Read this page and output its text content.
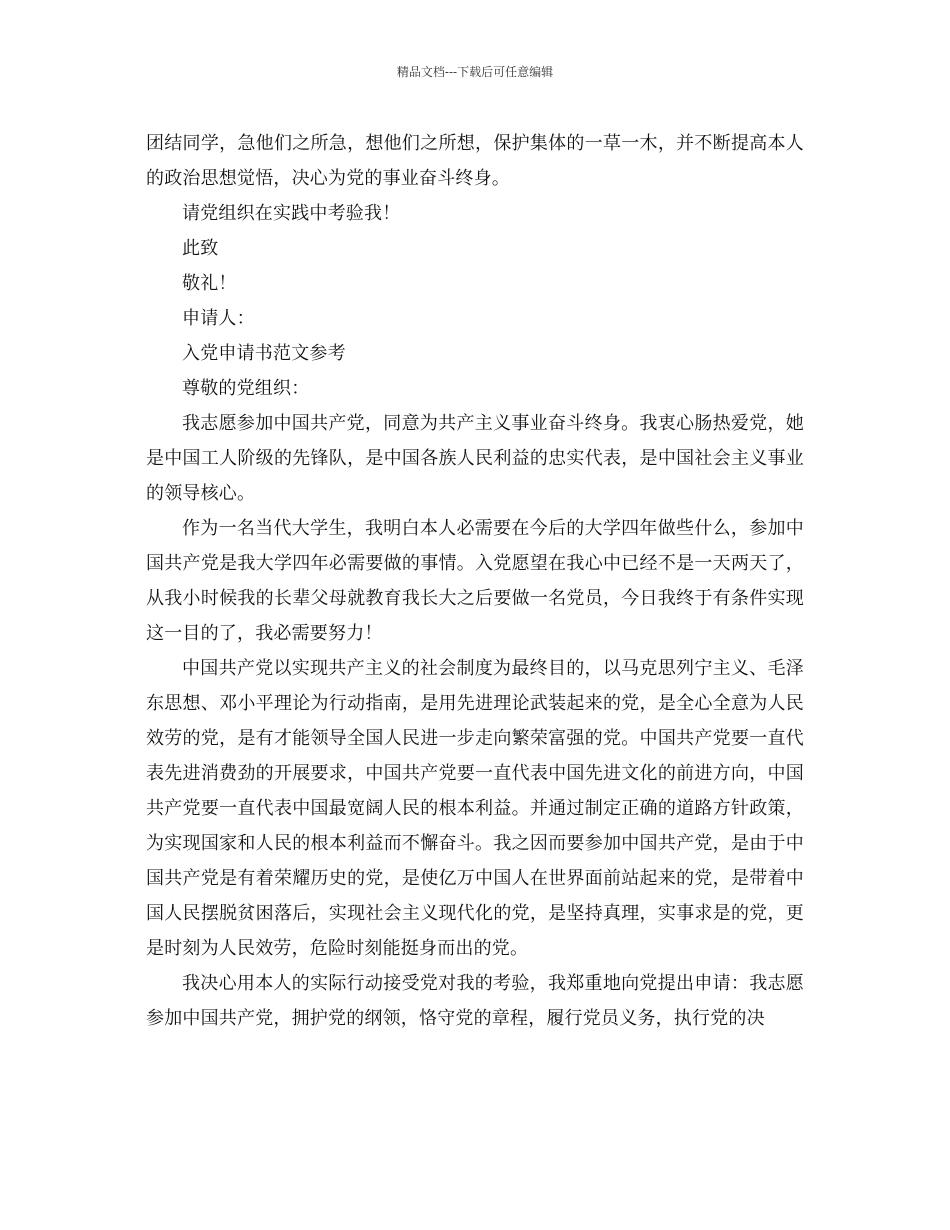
精品文档---下载后可任意编辑

团结同学，急他们之所急，想他们之所想，保护集体的一草一木，并不断提高本人的政治思想觉悟，决心为党的事业奋斗终身。

请党组织在实践中考验我！

此致

敬礼！

申请人：

入党申请书范文参考

尊敬的党组织：

我志愿参加中国共产党，同意为共产主义事业奋斗终身。我衷心肠热爱党，她是中国工人阶级的先锋队，是中国各族人民利益的忠实代表，是中国社会主义事业的领导核心。

作为一名当代大学生，我明白本人必需要在今后的大学四年做些什么，参加中国共产党是我大学四年必需要做的事情。入党愿望在我心中已经不是一天两天了，从我小时候我的长辈父母就教育我长大之后要做一名党员，今日我终于有条件实现这一目的了，我必需要努力！

中国共产党以实现共产主义的社会制度为最终目的，以马克思列宁主义、毛泽东思想、邓小平理论为行动指南，是用先进理论武装起来的党，是全心全意为人民效劳的党，是有才能领导全国人民进一步走向繁荣富强的党。中国共产党要一直代表先进消费劲的开展要求，中国共产党要一直代表中国先进文化的前进方向，中国共产党要一直代表中国最宽阔人民的根本利益。并通过制定正确的道路方针政策，为实现国家和人民的根本利益而不懈奋斗。我之因而要参加中国共产党，是由于中国共产党是有着荣耀历史的党，是使亿万中国人在世界面前站起来的党，是带着中国人民摆脱贫困落后，实现社会主义现代化的党，是坚持真理，实事求是的党，更是时刻为人民效劳，危险时刻能挺身而出的党。

我决心用本人的实际行动接受党对我的考验，我郑重地向党提出申请：我志愿参加中国共产党，拥护党的纲领，恪守党的章程，履行党员义务，执行党的决
